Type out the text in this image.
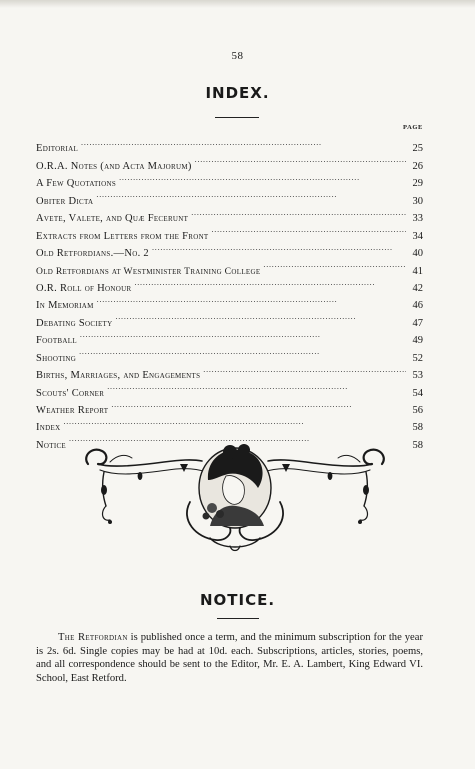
58
INDEX.
PAGE
Editorial . . .	25
O.R.A. Notes (and Acta Majorum) . . .	26
A Few Quotations . . .	29
Obiter Dicta . . .	30
Avete, Valete, and Quæ Fecerunt . . .	33
Extracts from Letters from the Front . . .	34
Old Retfordians.—No. 2 . . .	40
Old Retfordians at Westminister Training College . . .	41
O.R. Roll of Honour . . .	42
In Memoriam . . .	46
Debating Society . . .	47
Football . . .	49
Shooting . . .	52
Births, Marriages, and Engagements . . .	53
Scouts' Corner . . .	54
Weather Report . . .	56
Index . . .	58
Notice . . .	58
NOTICE.
The Retfordian is published once a term, and the minimum subscription for the year is 2s. 6d. Single copies may be had at 10d. each. Subscriptions, articles, stories, poems, and all correspondence should be sent to the Editor, Mr. E. A. Lambert, King Edward VI. School, East Retford.
